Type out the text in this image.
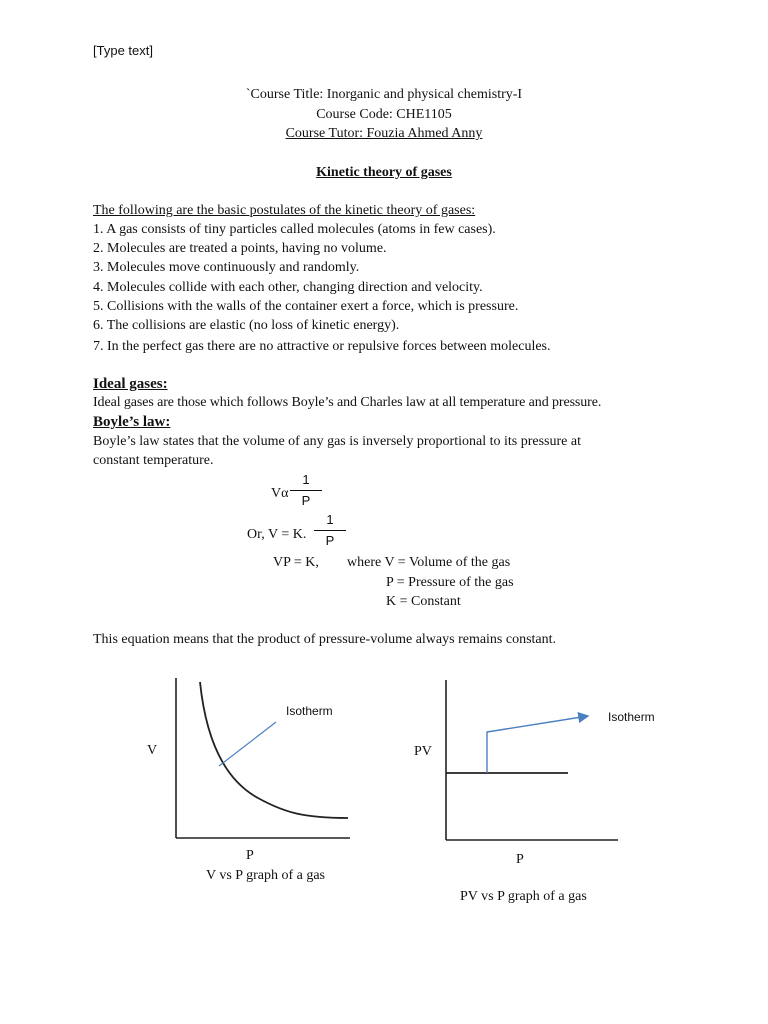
[Type text]
`Course Title: Inorganic and physical chemistry-I
Course Code: CHE1105
Course Tutor: Fouzia Ahmed Anny
Kinetic theory of gases
The following are the basic postulates of the kinetic theory of gases:
1. A gas consists of tiny particles called molecules (atoms in few cases).
2. Molecules are treated a points, having no volume.
3. Molecules move continuously and randomly.
4. Molecules collide with each other, changing direction and velocity.
5. Collisions with the walls of the container exert a force, which is pressure.
6. The collisions are elastic (no loss of kinetic energy).
7. In the perfect gas there are no attractive or repulsive forces between molecules.
Ideal gases:
Ideal gases are those which follows Boyle’s and Charles law at all temperature and pressure.
Boyle’s law:
Boyle’s law states that the volume of any gas is inversely proportional to its pressure at
constant temperature.
Vα
1
P
Or, V = K.
1
P
VP = K, where V = Volume of the gas
P = Pressure of the gas
K = Constant
This equation means that the product of pressure-volume always remains constant.
Isotherm
V
P
V vs P graph of a gas
Isotherm
PV
P
PV vs P graph of a gas
